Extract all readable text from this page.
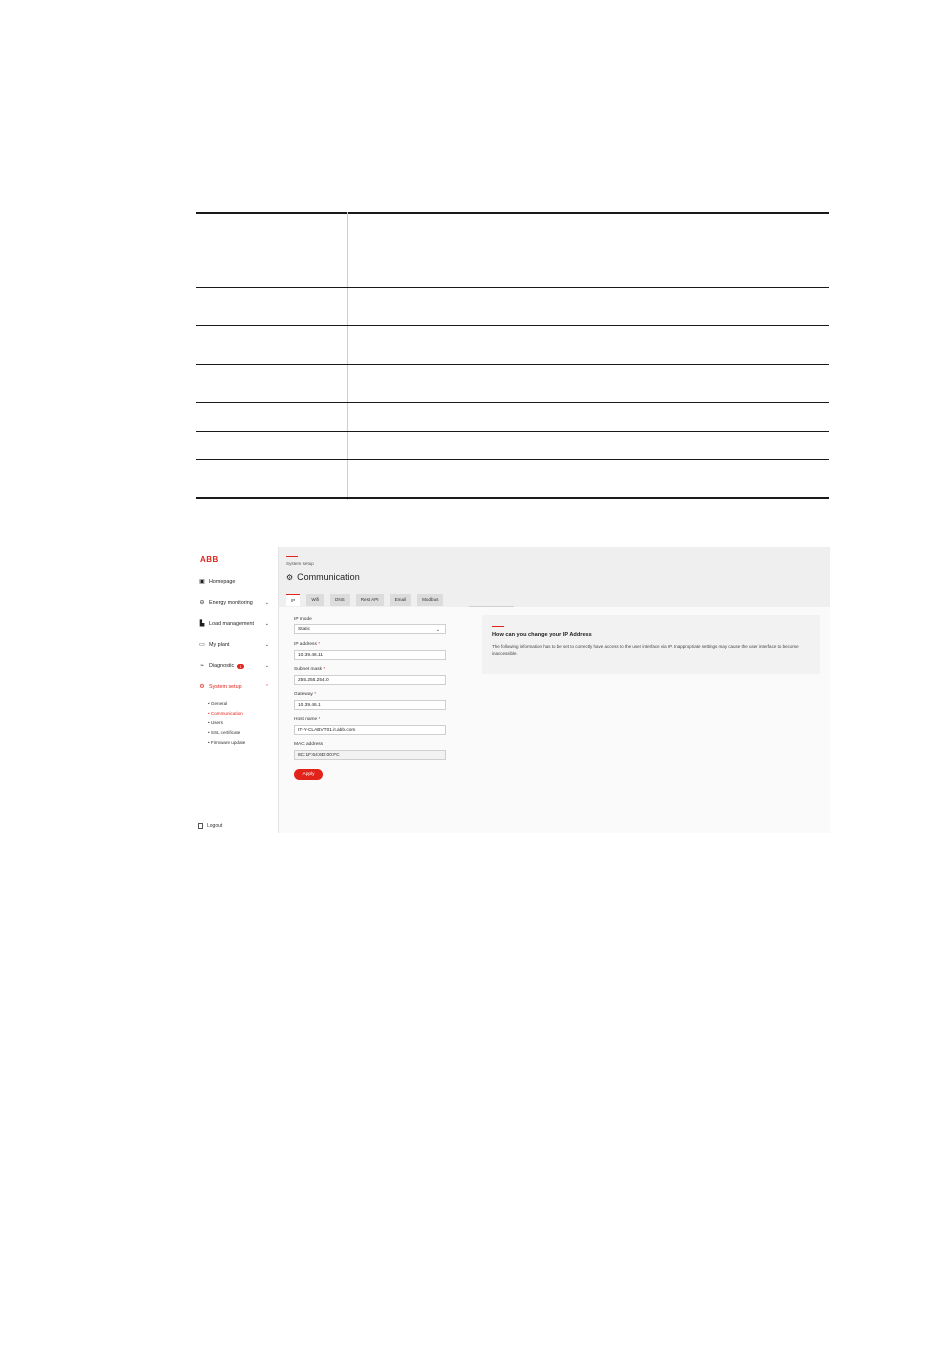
ABB
▣ Homepage
⊖ Energy monitoring ⌄
▙ Load management ⌄
▭ My plant	⌄
⌁ Diagnostic	1	⌄
⚙ System setup	⌃
• General
• Communication
• Users
• SSL certificate
• Firmware update
Logout
System setup
⚙ Communication
IP	Wifi	DNS	Rest API	Email	Modbus
IP mode
Static	⌄
IP address *
10.39.46.11
Subnet mask *
255.255.254.0
Gateway *
10.39.46.1
Host name *
IT-Y-CLABVT01.it.abb.com
MAC address
8C:1F:64:6D:00:FC
Apply
How can you change your IP Address
The following information has to be set to correctly have access to the user interface via IP. Inappropriate settings may cause the user interface to become inaccessible.
